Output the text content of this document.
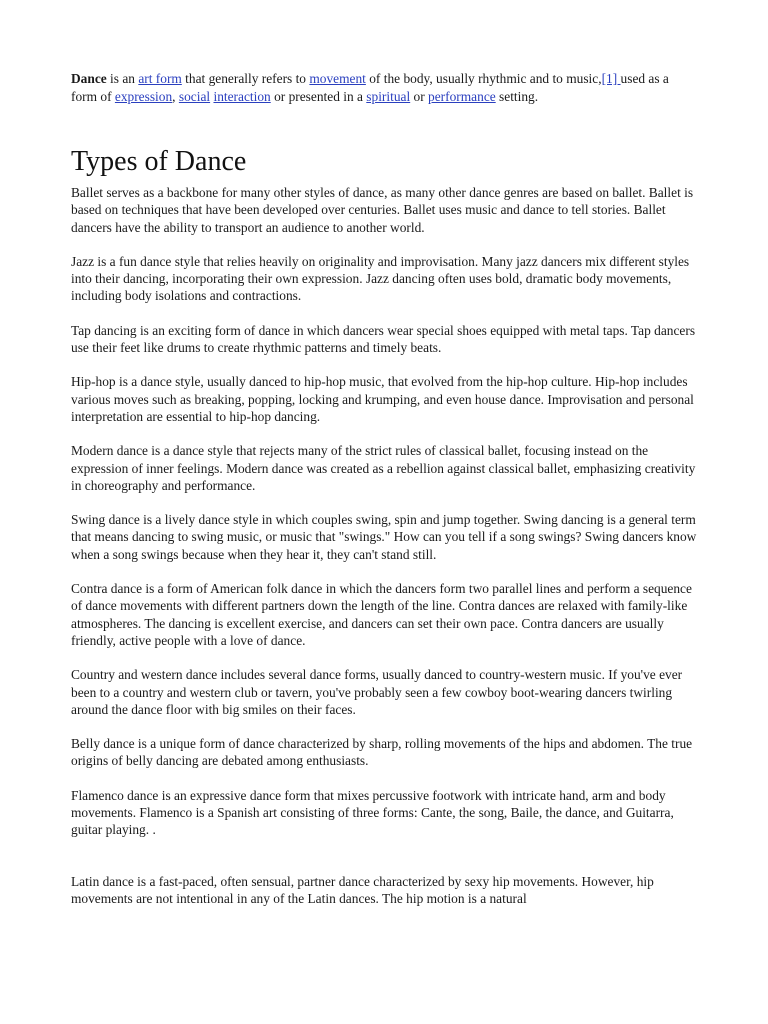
Dance is an art form that generally refers to movement of the body, usually rhythmic and to music,[1] used as a form of expression, social interaction or presented in a spiritual or performance setting.

Types of Dance

Ballet serves as a backbone for many other styles of dance, as many other dance genres are based on ballet. Ballet is based on techniques that have been developed over centuries. Ballet uses music and dance to tell stories. Ballet dancers have the ability to transport an audience to another world.

Jazz is a fun dance style that relies heavily on originality and improvisation. Many jazz dancers mix different styles into their dancing, incorporating their own expression. Jazz dancing often uses bold, dramatic body movements, including body isolations and contractions.

Tap dancing is an exciting form of dance in which dancers wear special shoes equipped with metal taps. Tap dancers use their feet like drums to create rhythmic patterns and timely beats.

Hip-hop is a dance style, usually danced to hip-hop music, that evolved from the hip-hop culture. Hip-hop includes various moves such as breaking, popping, locking and krumping, and even house dance. Improvisation and personal interpretation are essential to hip-hop dancing.

Modern dance is a dance style that rejects many of the strict rules of classical ballet, focusing instead on the expression of inner feelings. Modern dance was created as a rebellion against classical ballet, emphasizing creativity in choreography and performance.

Swing dance is a lively dance style in which couples swing, spin and jump together. Swing dancing is a general term that means dancing to swing music, or music that "swings." How can you tell if a song swings? Swing dancers know when a song swings because when they hear it, they can't stand still.

Contra dance is a form of American folk dance in which the dancers form two parallel lines and perform a sequence of dance movements with different partners down the length of the line. Contra dances are relaxed with family-like atmospheres. The dancing is excellent exercise, and dancers can set their own pace. Contra dancers are usually friendly, active people with a love of dance.

Country and western dance includes several dance forms, usually danced to country-western music. If you've ever been to a country and western club or tavern, you've probably seen a few cowboy boot-wearing dancers twirling around the dance floor with big smiles on their faces.

Belly dance is a unique form of dance characterized by sharp, rolling movements of the hips and abdomen. The true origins of belly dancing are debated among enthusiasts.

Flamenco dance is an expressive dance form that mixes percussive footwork with intricate hand, arm and body movements. Flamenco is a Spanish art consisting of three forms: Cante, the song, Baile, the dance, and Guitarra, guitar playing. .

Latin dance is a fast-paced, often sensual, partner dance characterized by sexy hip movements. However, hip movements are not intentional in any of the Latin dances. The hip motion is a natural
